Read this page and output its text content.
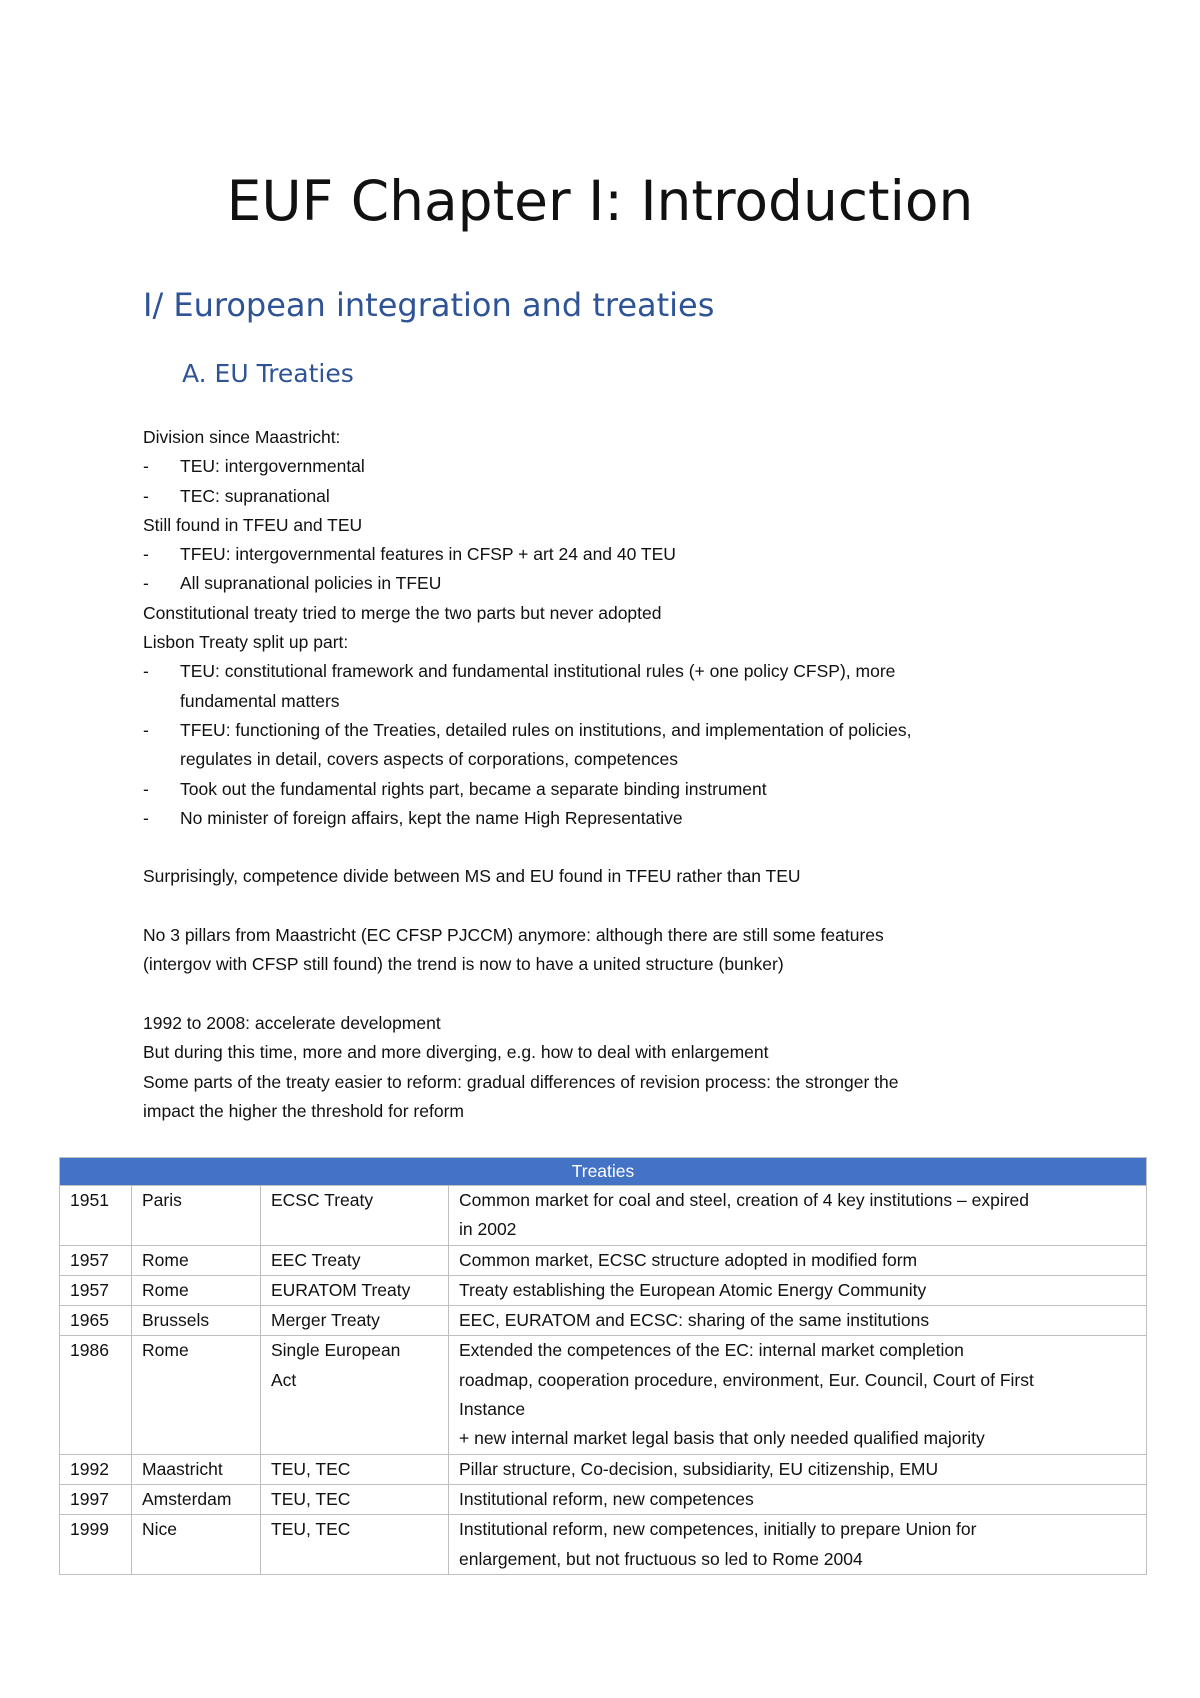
EUF Chapter I: Introduction
I/ European integration and treaties
A. EU Treaties
Division since Maastricht:
- TEU: intergovernmental
- TEC: supranational
Still found in TFEU and TEU
- TFEU: intergovernmental features in CFSP + art 24 and 40 TEU
- All supranational policies in TFEU
Constitutional treaty tried to merge the two parts but never adopted
Lisbon Treaty split up part:
- TEU: constitutional framework and fundamental institutional rules (+ one policy CFSP), more
fundamental matters
- TFEU: functioning of the Treaties, detailed rules on institutions, and implementation of policies,
regulates in detail, covers aspects of corporations, competences
- Took out the fundamental rights part, became a separate binding instrument
- No minister of foreign affairs, kept the name High Representative
Surprisingly, competence divide between MS and EU found in TFEU rather than TEU
No 3 pillars from Maastricht (EC CFSP PJCCM) anymore: although there are still some features
(intergov with CFSP still found) the trend is now to have a united structure (bunker)
1992 to 2008: accelerate development
But during this time, more and more diverging, e.g. how to deal with enlargement
Some parts of the treaty easier to reform: gradual differences of revision process: the stronger the
impact the higher the threshold for reform
Treaties			
1951	Paris	ECSC Treaty	Common market for coal and steel, creation of 4 key institutions – expired
in 2002

1957	Rome	EEC Treaty	Common market, ECSC structure adopted in modified form

1957	Rome	EURATOM Treaty	Treaty establishing the European Atomic Energy Community

1965	Brussels	Merger Treaty	EEC, EURATOM and ECSC: sharing of the same institutions

1986	Rome	Single European
Act	Extended the competences of the EC: internal market completion
roadmap, cooperation procedure, environment, Eur. Council, Court of First
Instance
+ new internal market legal basis that only needed qualified majority

1992	Maastricht	TEU, TEC	Pillar structure, Co-decision, subsidiarity, EU citizenship, EMU

1997	Amsterdam	TEU, TEC	Institutional reform, new competences

1999	Nice	TEU, TEC	Institutional reform, new competences, initially to prepare Union for
enlargement, but not fructuous so led to Rome 2004
